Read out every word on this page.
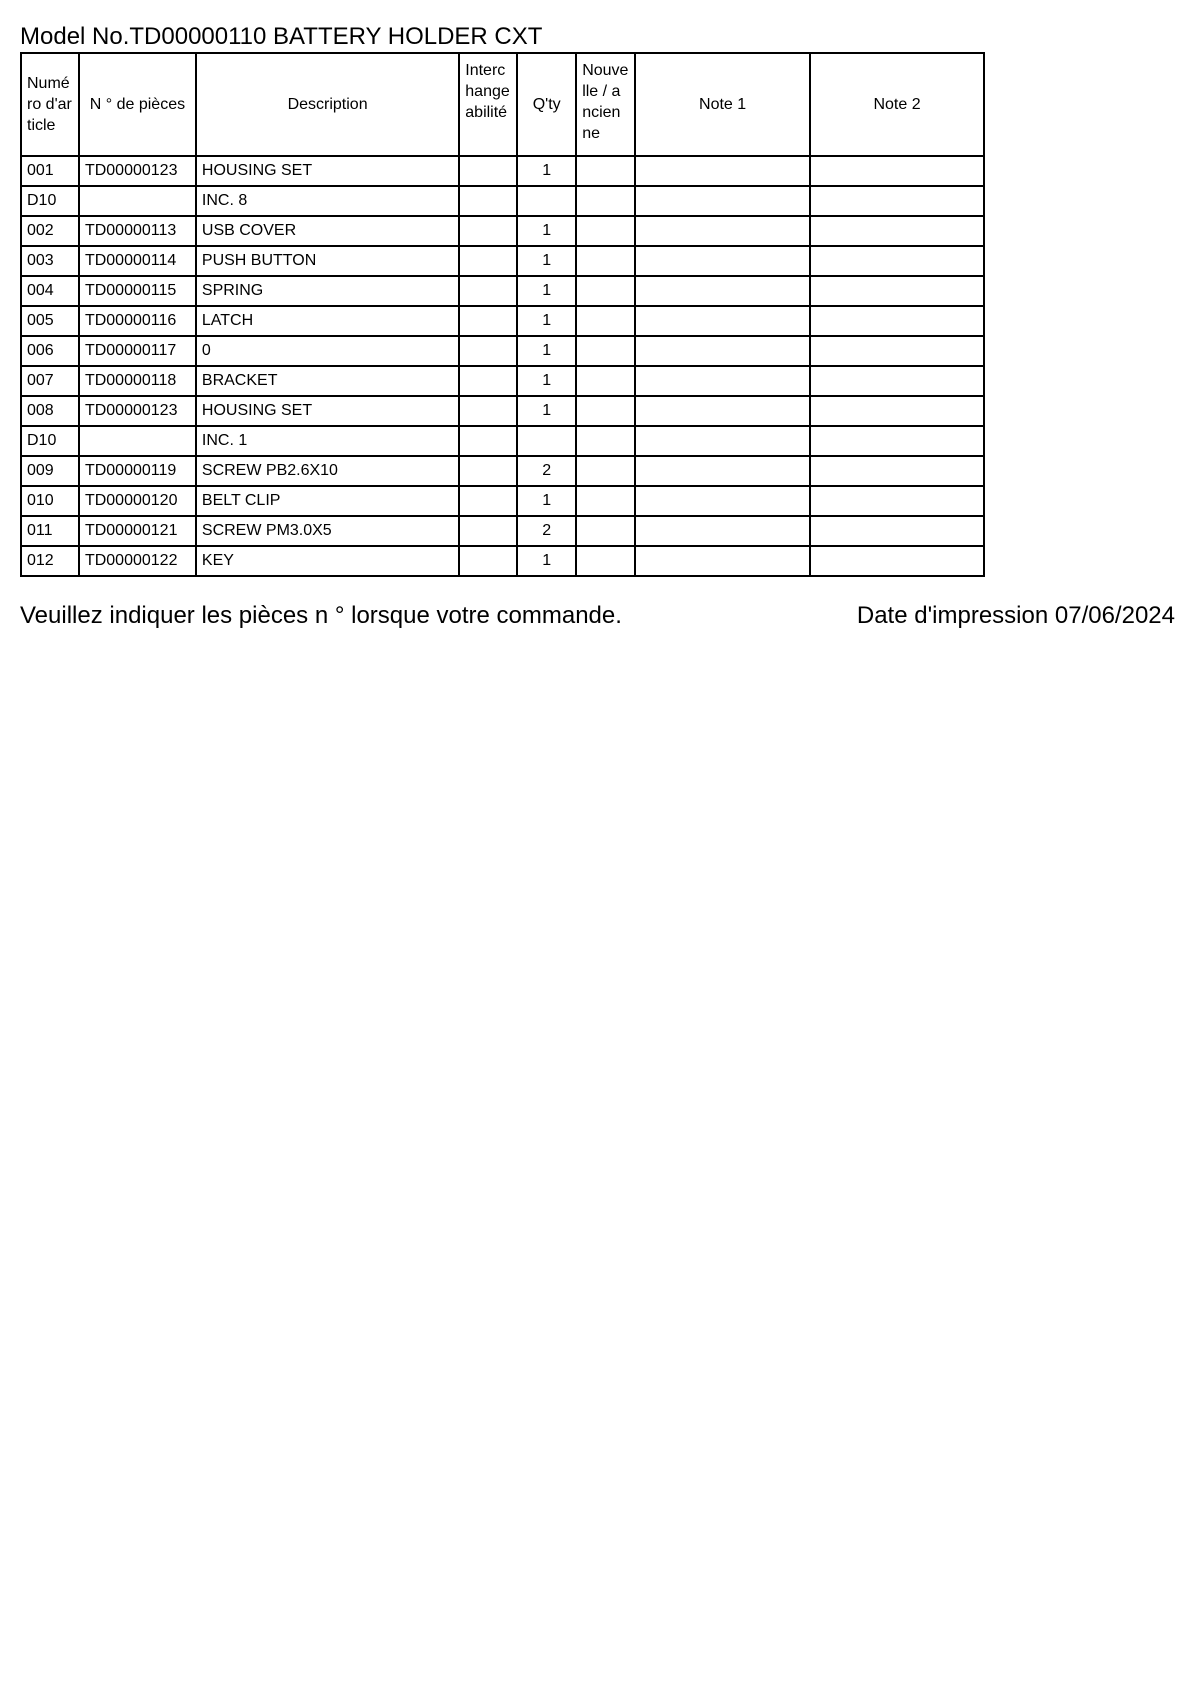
Model No.TD00000110 BATTERY HOLDER CXT
Numéro d'article	N ° de pièces	Description	Interchangeabilité	Q'ty	Nouvelle / ancienne	Note 1	Note 2
001	TD00000123	HOUSING SET		1			
D10		INC. 8					
002	TD00000113	USB COVER		1			
003	TD00000114	PUSH BUTTON		1			
004	TD00000115	SPRING		1			
005	TD00000116	LATCH		1			
006	TD00000117	0		1			
007	TD00000118	BRACKET		1			
008	TD00000123	HOUSING SET		1			
D10		INC. 1					
009	TD00000119	SCREW PB2.6X10		2			
010	TD00000120	BELT CLIP		1			
011	TD00000121	SCREW PM3.0X5		2			
012	TD00000122	KEY		1			
Veuillez indiquer les pièces n ° lorsque votre commande.	Date d'impression 07/06/2024
